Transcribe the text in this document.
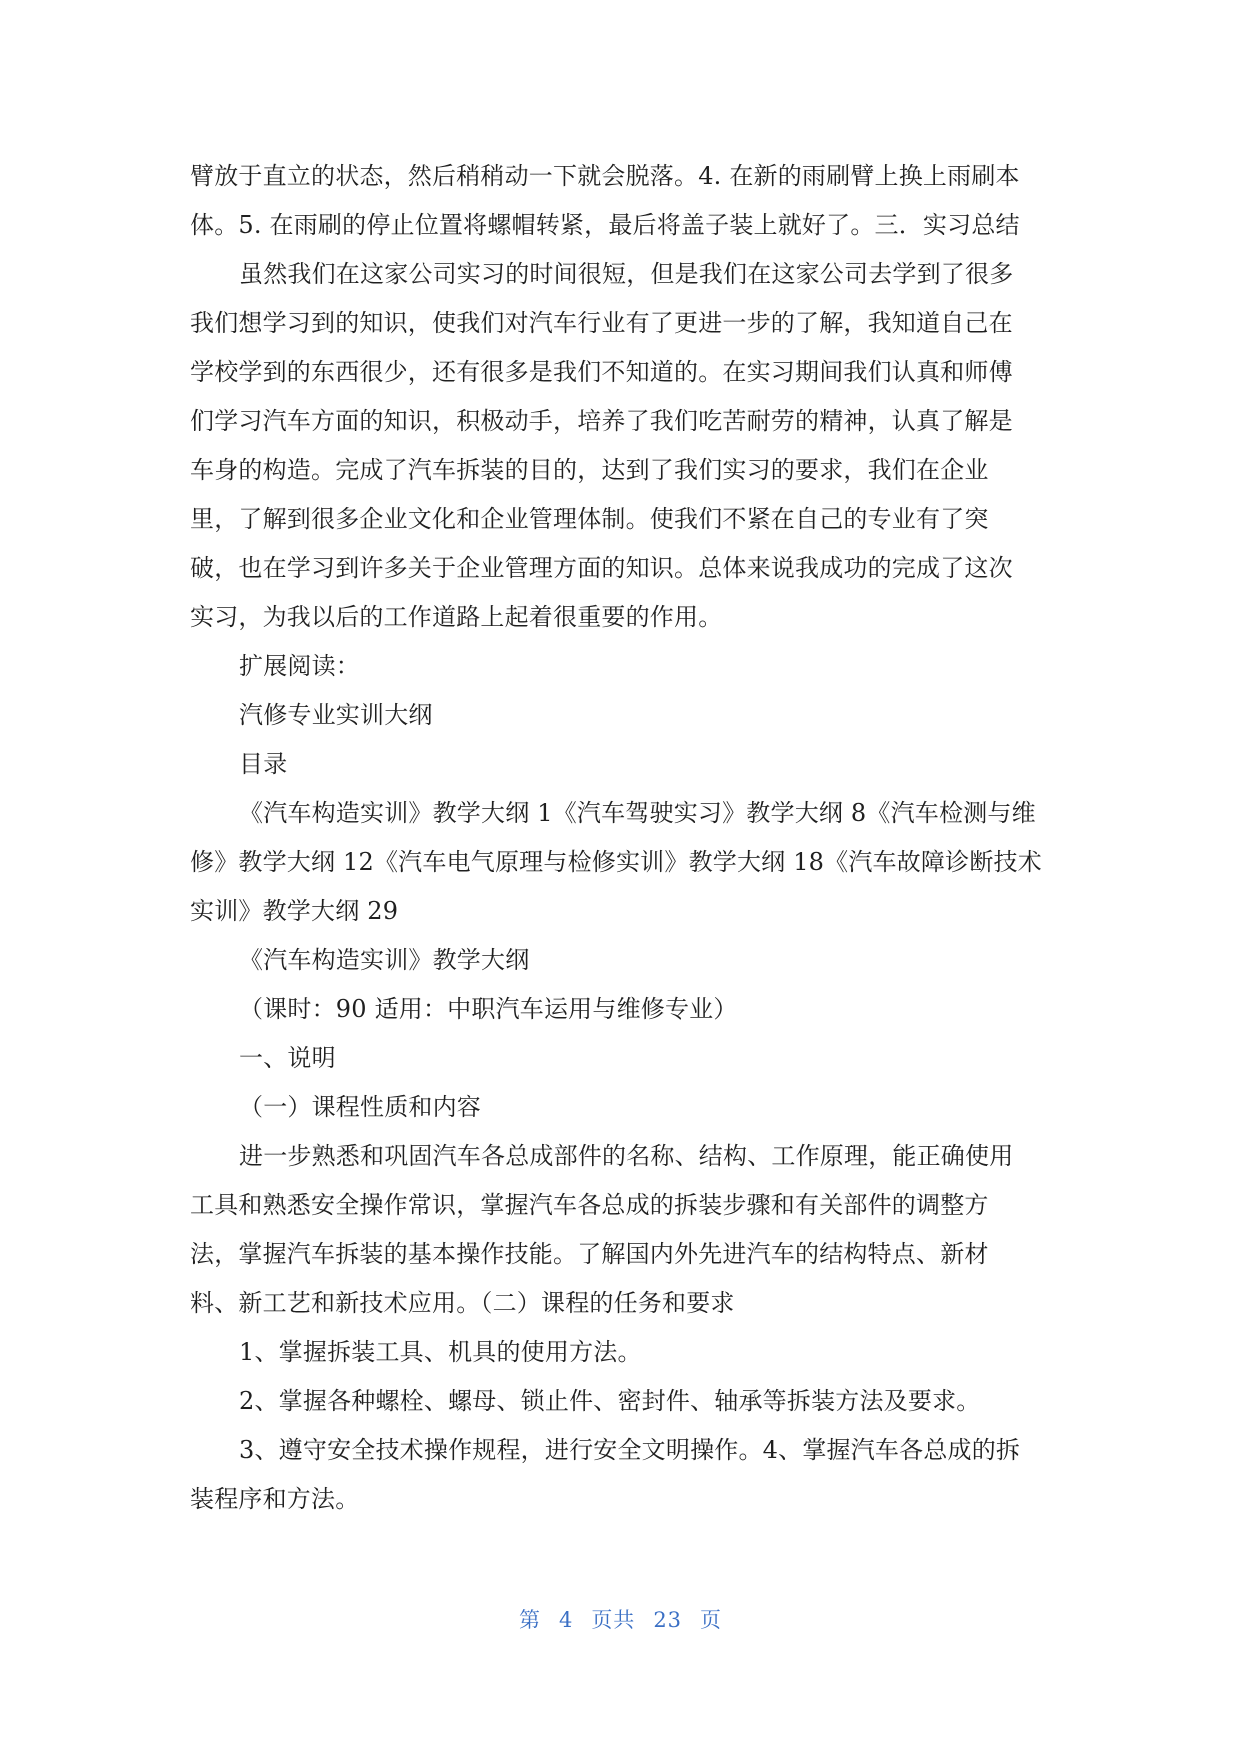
臂放于直立的状态，然后稍稍动一下就会脱落。4. 在新的雨刷臂上换上雨刷本
体。5. 在雨刷的停止位置将螺帽转紧，最后将盖子装上就好了。三．实习总结
虽然我们在这家公司实习的时间很短，但是我们在这家公司去学到了很多
我们想学习到的知识，使我们对汽车行业有了更进一步的了解，我知道自己在
学校学到的东西很少，还有很多是我们不知道的。在实习期间我们认真和师傅
们学习汽车方面的知识，积极动手，培养了我们吃苦耐劳的精神，认真了解是
车身的构造。完成了汽车拆装的目的，达到了我们实习的要求，我们在企业
里，了解到很多企业文化和企业管理体制。使我们不紧在自己的专业有了突
破，也在学习到许多关于企业管理方面的知识。总体来说我成功的完成了这次
实习，为我以后的工作道路上起着很重要的作用。
扩展阅读：
汽修专业实训大纲
目录
《汽车构造实训》教学大纲 1《汽车驾驶实习》教学大纲 8《汽车检测与维
修》教学大纲 12《汽车电气原理与检修实训》教学大纲 18《汽车故障诊断技术
实训》教学大纲 29
《汽车构造实训》教学大纲
（课时：90 适用：中职汽车运用与维修专业）
一、说明
（一）课程性质和内容
进一步熟悉和巩固汽车各总成部件的名称、结构、工作原理，能正确使用
工具和熟悉安全操作常识，掌握汽车各总成的拆装步骤和有关部件的调整方
法，掌握汽车拆装的基本操作技能。了解国内外先进汽车的结构特点、新材
料、新工艺和新技术应用。（二）课程的任务和要求
1、掌握拆装工具、机具的使用方法。
2、掌握各种螺栓、螺母、锁止件、密封件、轴承等拆装方法及要求。
3、遵守安全技术操作规程，进行安全文明操作。4、掌握汽车各总成的拆
装程序和方法。
第 4 页共 23 页
